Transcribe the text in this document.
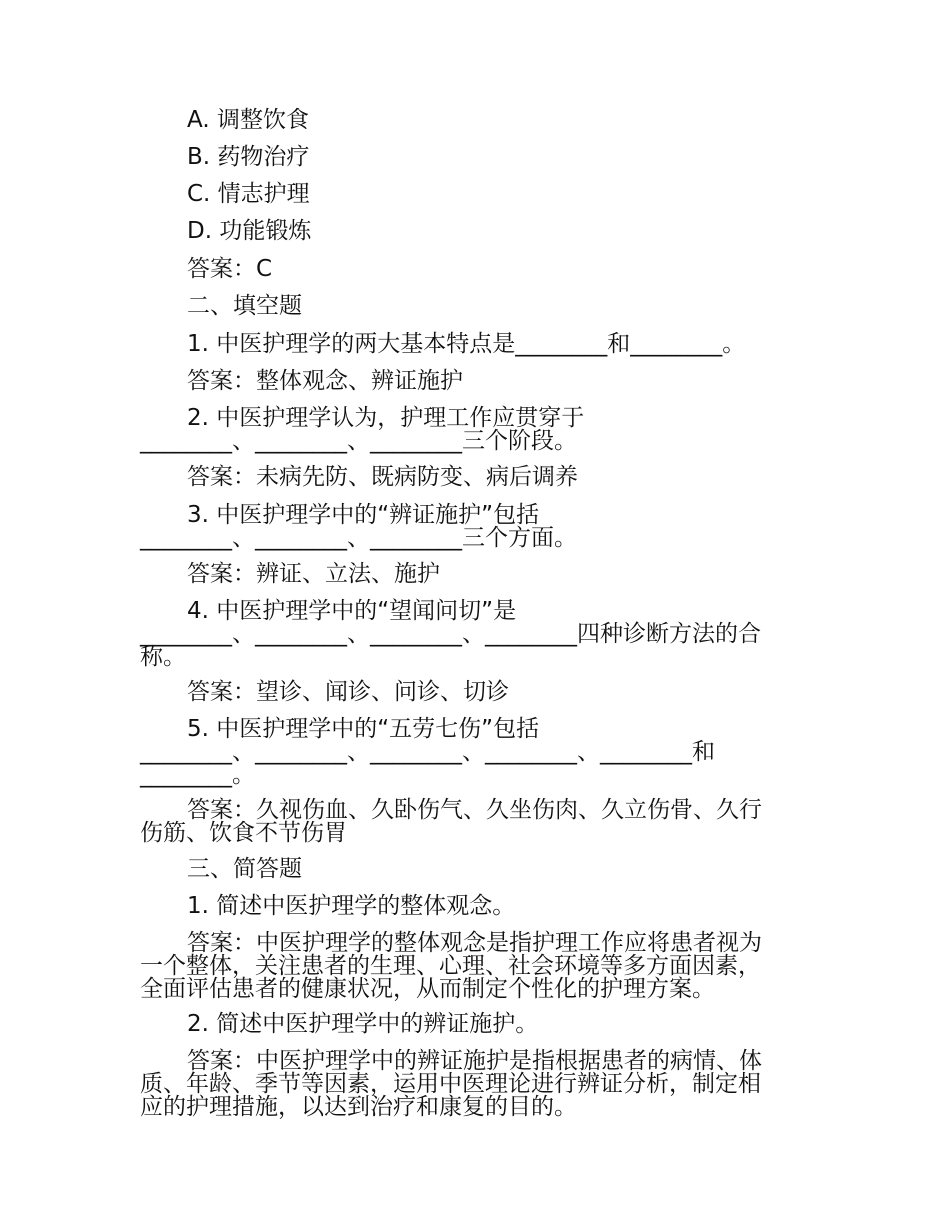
A. 调整饮食
B. 药物治疗
C. 情志护理
D. 功能锻炼
答案：C
二、填空题
1. 中医护理学的两大基本特点是________和________。
答案：整体观念、辨证施护
2. 中医护理学认为，护理工作应贯穿于
________、________、________三个阶段。
答案：未病先防、既病防变、病后调养
3. 中医护理学中的“辨证施护”包括
________、________、________三个方面。
答案：辨证、立法、施护
4. 中医护理学中的“望闻问切”是
________、________、________、________四种诊断方法的合
称。
答案：望诊、闻诊、问诊、切诊
5. 中医护理学中的“五劳七伤”包括
________、________、________、________、________和
________。
答案：久视伤血、久卧伤气、久坐伤肉、久立伤骨、久行
伤筋、饮食不节伤胃
三、简答题
1. 简述中医护理学的整体观念。
答案：中医护理学的整体观念是指护理工作应将患者视为
一个整体，关注患者的生理、心理、社会环境等多方面因素，
全面评估患者的健康状况，从而制定个性化的护理方案。
2. 简述中医护理学中的辨证施护。
答案：中医护理学中的辨证施护是指根据患者的病情、体
质、年龄、季节等因素，运用中医理论进行辨证分析，制定相
应的护理措施，以达到治疗和康复的目的。
